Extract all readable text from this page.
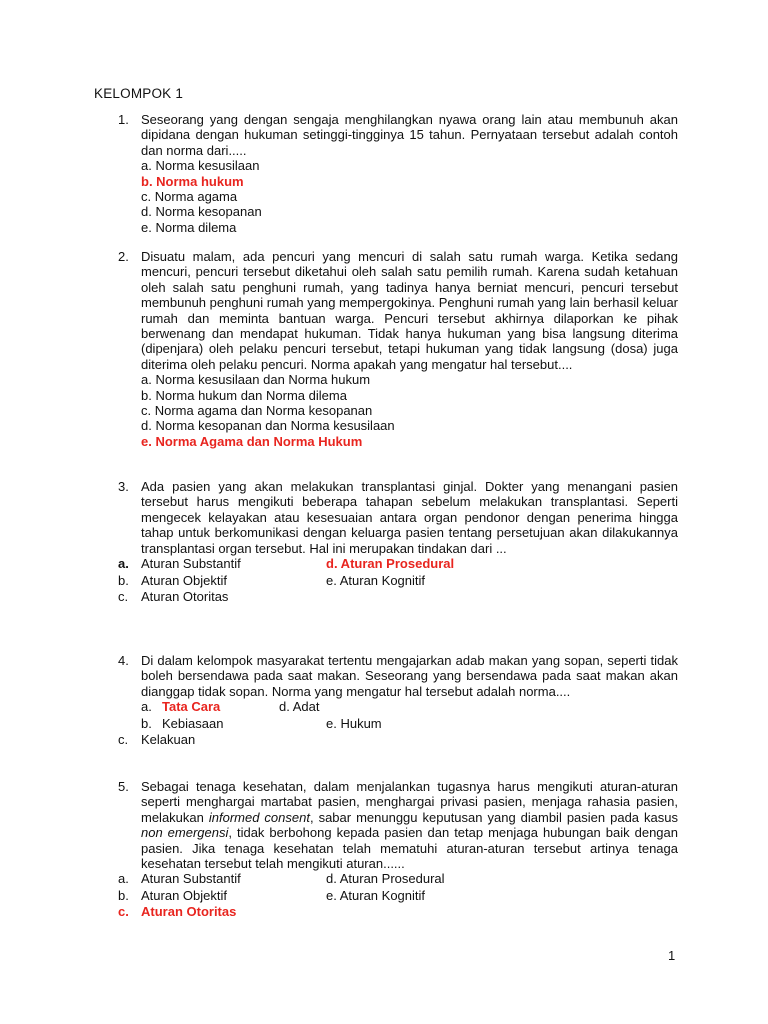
KELOMPOK 1
1. Seseorang yang dengan sengaja menghilangkan nyawa orang lain atau membunuh akan dipidana dengan hukuman setinggi-tingginya 15 tahun. Pernyataan tersebut adalah contoh dan norma dari.....
a. Norma kesusilaan
b. Norma hukum
c. Norma agama
d. Norma kesopanan
e. Norma dilema
2. Disuatu malam, ada pencuri yang mencuri di salah satu rumah warga. Ketika sedang mencuri, pencuri tersebut diketahui oleh salah satu pemilih rumah. Karena sudah ketahuan oleh salah satu penghuni rumah, yang tadinya hanya berniat mencuri, pencuri tersebut membunuh penghuni rumah yang mempergokinya. Penghuni rumah yang lain berhasil keluar rumah dan meminta bantuan warga. Pencuri tersebut akhirnya dilaporkan ke pihak berwenang dan mendapat hukuman. Tidak hanya hukuman yang bisa langsung diterima (dipenjara) oleh pelaku pencuri tersebut, tetapi hukuman yang tidak langsung (dosa) juga diterima oleh pelaku pencuri. Norma apakah yang mengatur hal tersebut....
a. Norma kesusilaan dan Norma hukum
b. Norma hukum dan Norma dilema
c. Norma agama dan Norma kesopanan
d. Norma kesopanan dan Norma kesusilaan
e. Norma Agama dan Norma Hukum
3. Ada pasien yang akan melakukan transplantasi ginjal. Dokter yang menangani pasien tersebut harus mengikuti beberapa tahapan sebelum melakukan transplantasi. Seperti mengecek kelayakan atau kesesuaian antara organ pendonor dengan penerima hingga tahap untuk berkomunikasi dengan keluarga pasien tentang persetujuan akan dilakukannya transplantasi organ tersebut. Hal ini merupakan tindakan dari ...
a. Aturan Substantif	d. Aturan Prosedural
b. Aturan Objektif	e. Aturan Kognitif
c. Aturan Otoritas
4. Di dalam kelompok masyarakat tertentu mengajarkan adab makan yang sopan, seperti tidak boleh bersendawa pada saat makan. Seseorang yang bersendawa pada saat makan akan dianggap tidak sopan. Norma yang mengatur hal tersebut adalah norma....
a. Tata Cara	d. Adat
b. Kebiasaan	e. Hukum
c. Kelakuan
5. Sebagai tenaga kesehatan, dalam menjalankan tugasnya harus mengikuti aturan-aturan seperti menghargai martabat pasien, menghargai privasi pasien, menjaga rahasia pasien, melakukan informed consent, sabar menunggu keputusan yang diambil pasien pada kasus non emergensi, tidak berbohong kepada pasien dan tetap menjaga hubungan baik dengan pasien. Jika tenaga kesehatan telah mematuhi aturan-aturan tersebut artinya tenaga kesehatan tersebut telah mengikuti aturan......
a. Aturan Substantif	d. Aturan Prosedural
b. Aturan Objektif	e. Aturan Kognitif
c. Aturan Otoritas
1
